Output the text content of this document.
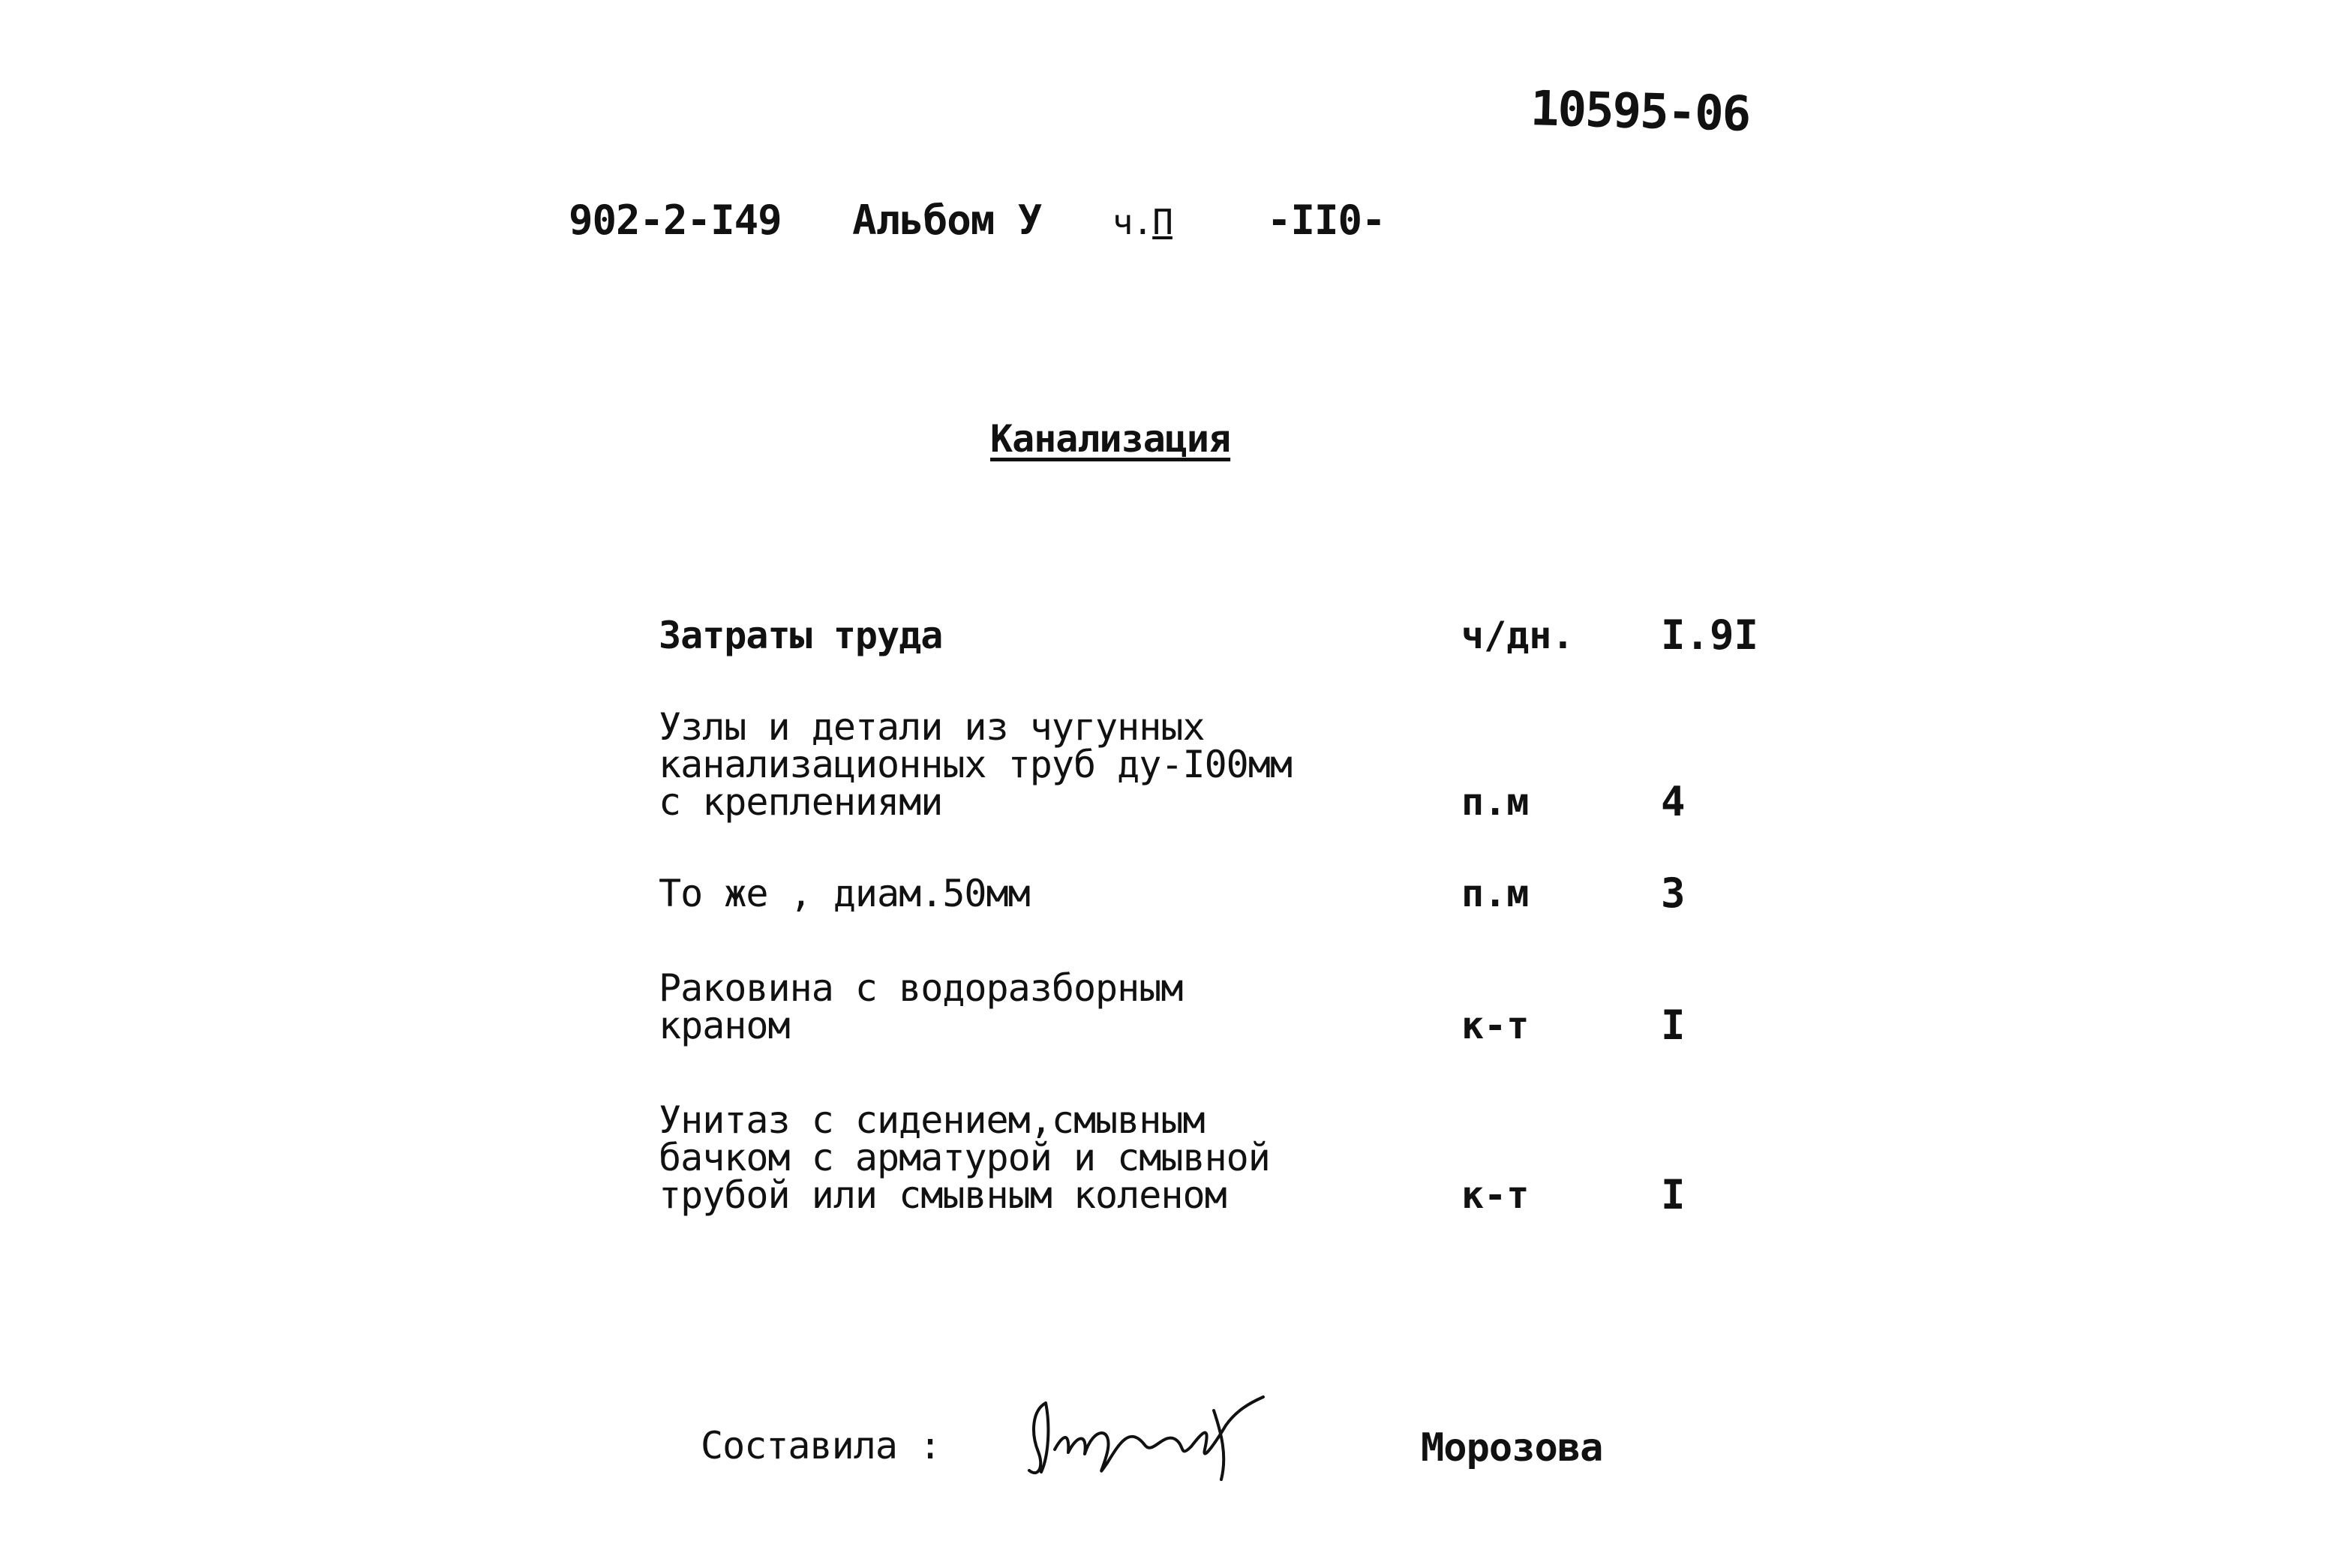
10595-06
902-2-I49 Альбом У ч.П -II0-
Канализация
Затраты труда	ч/дн. I.9I
Узлы и детали из чугунных
канализационных труб ду-I00мм
с креплениями	п.м	4
То же , диам.50мм	п.м	3
Раковина с водоразборным
краном	к-т	I
Унитаз с сидением,смывным
бачком с арматурой и смывной
трубой или смывным коленом	к-т	I
Составила :	Морозова
